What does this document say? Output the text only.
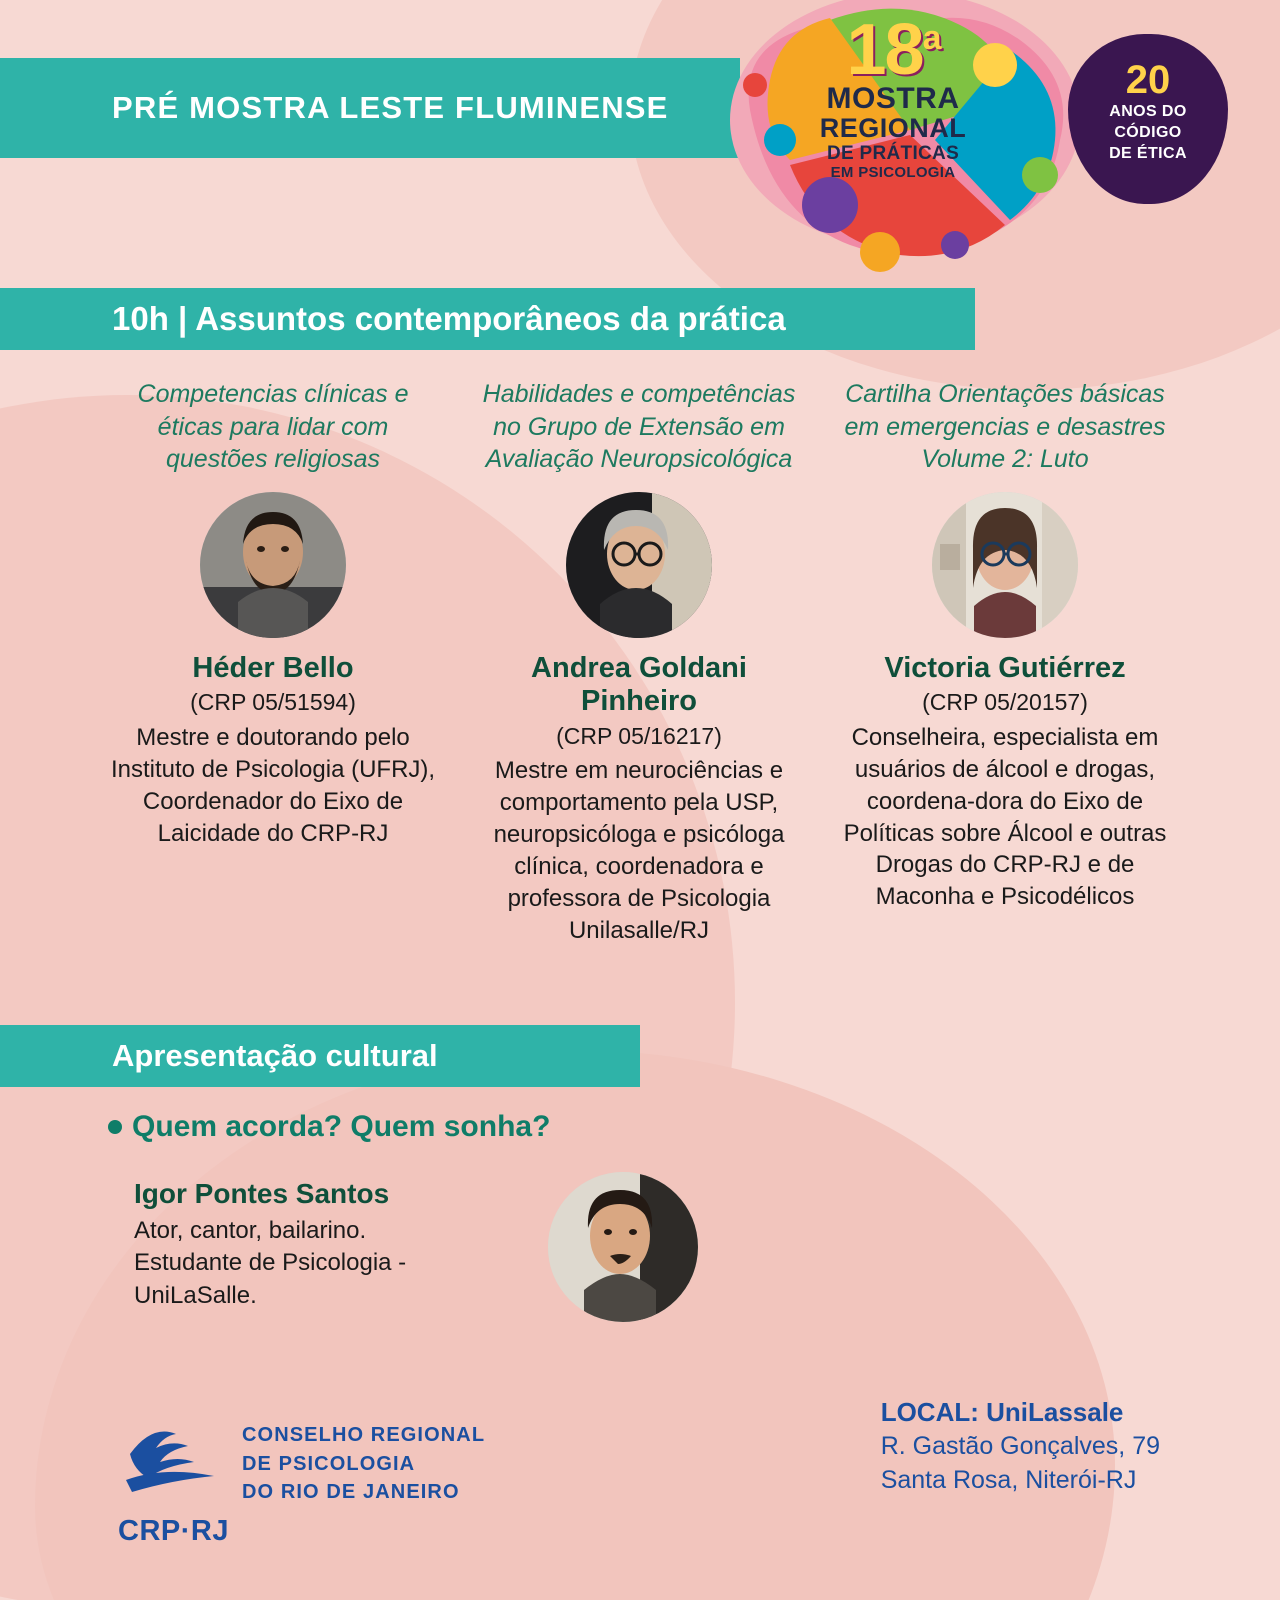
PRÉ MOSTRA LESTE FLUMINENSE
18$^a$
MOSTRA
REGIONAL
DE PRÁTICAS
EM PSICOLOGIA
20
ANOS DO
CÓDIGO
DE ÉTICA
10h | Assuntos contemporâneos da prática
Competencias clínicas e éticas para lidar com questões religiosas
Héder Bello
(CRP 05/51594)
Mestre e doutorando pelo Instituto de Psicologia (UFRJ), Coordenador do Eixo de Laicidade do CRP-RJ
Habilidades e competências no Grupo de Extensão em Avaliação Neuropsicológica
Andrea Goldani Pinheiro
(CRP 05/16217)
Mestre em neurociências e comportamento pela USP, neuropsicóloga e psicóloga clínica, coordenadora e professora de Psicologia Unilasalle/RJ
Cartilha Orientações básicas em emergencias e desastres Volume 2: Luto
Victoria Gutiérrez
(CRP 05/20157)
Conselheira, especialista em usuários de álcool e drogas, coordena-dora do Eixo de Políticas sobre Álcool e outras Drogas do CRP-RJ e de Maconha e Psicodélicos
Apresentação cultural
Quem acorda? Quem sonha?
Igor Pontes Santos
Ator, cantor, bailarino. Estudante de Psicologia - UniLaSalle.
CRP·RJ
CONSELHO REGIONAL
DE PSICOLOGIA
DO RIO DE JANEIRO
LOCAL: UniLassale
R. Gastão Gonçalves, 79
Santa Rosa, Niterói-RJ
